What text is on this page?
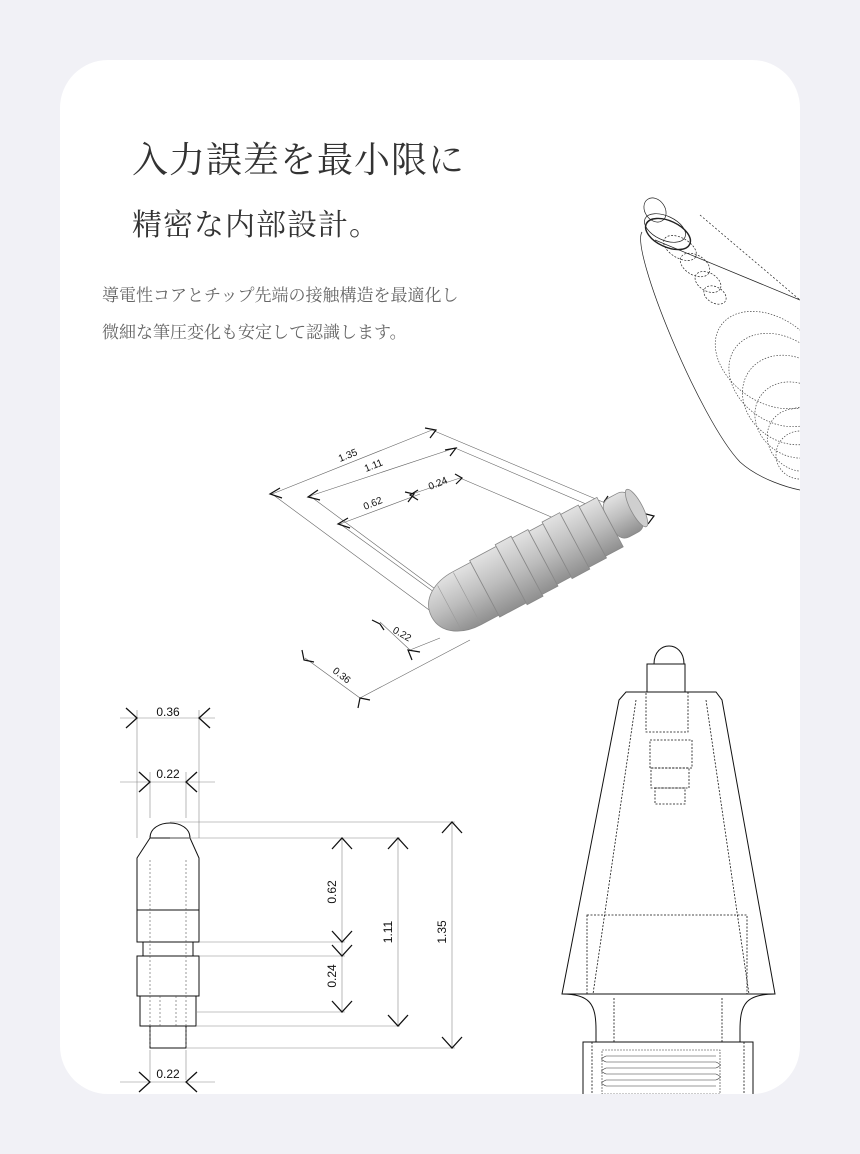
入力誤差を最小限に
精密な内部設計。

導電性コアとチップ先端の接触構造を最適化し
微細な筆圧変化も安定して認識します。

1.35
1.11
0.62
0.24
0.22
0.36
0.36
0.22
0.22
0.62
0.24
1.11	1.35
